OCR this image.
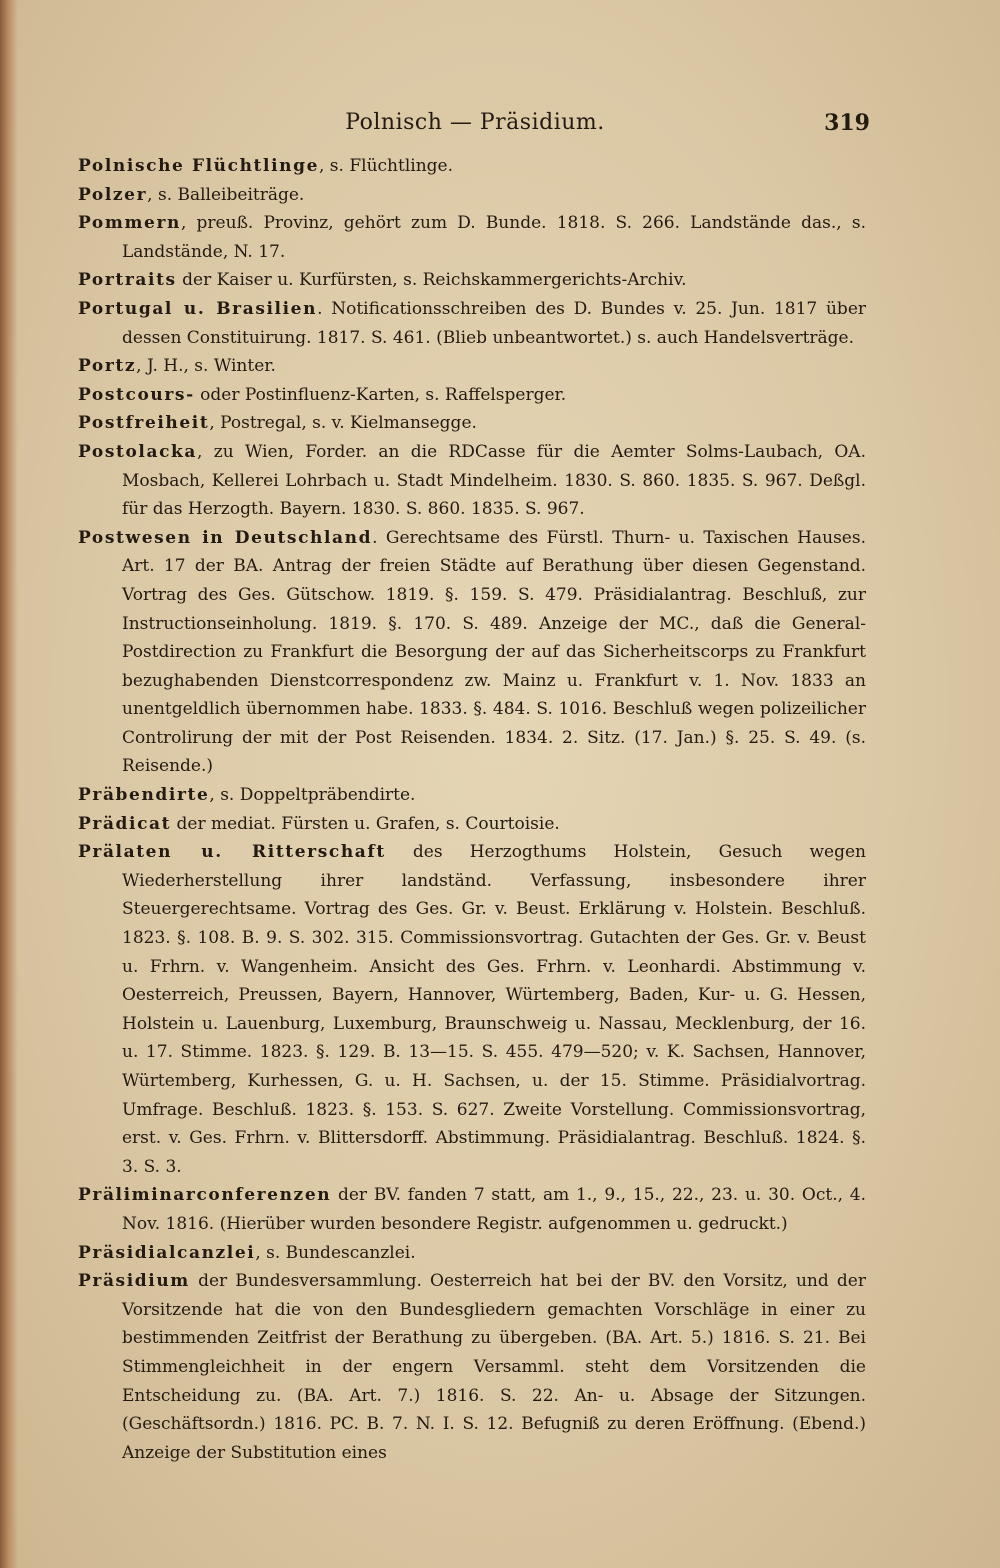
Polnisch — Präsidium.	319

Polnische Flüchtlinge, s. Flüchtlinge.

Polzer, s. Balleibeiträge.

Pommern, preuß. Provinz, gehört zum D. Bunde. 1818. S. 266. Landstände das., s. Landstände, N. 17.

Portraits der Kaiser u. Kurfürsten, s. Reichskammergerichts-Archiv.

Portugal u. Brasilien. Notificationsschreiben des D. Bundes v. 25. Jun. 1817 über dessen Constituirung. 1817. S. 461. (Blieb unbeantwortet.) s. auch Handelsverträge.

Portz, J. H., s. Winter.

Postcours- oder Postinfluenz-Karten, s. Raffelsperger.

Postfreiheit, Postregal, s. v. Kielmansegge.

Postolacka, zu Wien, Forder. an die RDCasse für die Aemter Solms-Laubach, OA. Mosbach, Kellerei Lohrbach u. Stadt Mindelheim. 1830. S. 860. 1835. S. 967. Deßgl. für das Herzogth. Bayern. 1830. S. 860. 1835. S. 967.

Postwesen in Deutschland. Gerechtsame des Fürstl. Thurn- u. Taxischen Hauses. Art. 17 der BA. Antrag der freien Städte auf Berathung über diesen Gegenstand. Vortrag des Ges. Gütschow. 1819. §. 159. S. 479. Präsidialantrag. Beschluß, zur Instructionseinholung. 1819. §. 170. S. 489. Anzeige der MC., daß die General-Postdirection zu Frankfurt die Besorgung der auf das Sicherheitscorps zu Frankfurt bezughabenden Dienstcorrespondenz zw. Mainz u. Frankfurt v. 1. Nov. 1833 an unentgeldlich übernommen habe. 1833. §. 484. S. 1016. Beschluß wegen polizeilicher Controlirung der mit der Post Reisenden. 1834. 2. Sitz. (17. Jan.) §. 25. S. 49. (s. Reisende.)

Präbendirte, s. Doppeltpräbendirte.

Prädicat der mediat. Fürsten u. Grafen, s. Courtoisie.

Prälaten u. Ritterschaft des Herzogthums Holstein, Gesuch wegen Wiederherstellung ihrer landständ. Verfassung, insbesondere ihrer Steuergerechtsame. Vortrag des Ges. Gr. v. Beust. Erklärung v. Holstein. Beschluß. 1823. §. 108. B. 9. S. 302. 315. Commissionsvortrag. Gutachten der Ges. Gr. v. Beust u. Frhrn. v. Wangenheim. Ansicht des Ges. Frhrn. v. Leonhardi. Abstimmung v. Oesterreich, Preussen, Bayern, Hannover, Würtemberg, Baden, Kur- u. G. Hessen, Holstein u. Lauenburg, Luxemburg, Braunschweig u. Nassau, Mecklenburg, der 16. u. 17. Stimme. 1823. §. 129. B. 13—15. S. 455. 479—520; v. K. Sachsen, Hannover, Würtemberg, Kurhessen, G. u. H. Sachsen, u. der 15. Stimme. Präsidialvortrag. Umfrage. Beschluß. 1823. §. 153. S. 627. Zweite Vorstellung. Commissionsvortrag, erst. v. Ges. Frhrn. v. Blittersdorff. Abstimmung. Präsidialantrag. Beschluß. 1824. §. 3. S. 3.

Präliminarconferenzen der BV. fanden 7 statt, am 1., 9., 15., 22., 23. u. 30. Oct., 4. Nov. 1816. (Hierüber wurden besondere Registr. aufgenommen u. gedruckt.)

Präsidialcanzlei, s. Bundescanzlei.

Präsidium der Bundesversammlung. Oesterreich hat bei der BV. den Vorsitz, und der Vorsitzende hat die von den Bundesgliedern gemachten Vorschläge in einer zu bestimmenden Zeitfrist der Berathung zu übergeben. (BA. Art. 5.) 1816. S. 21. Bei Stimmengleichheit in der engern Versamml. steht dem Vorsitzenden die Entscheidung zu. (BA. Art. 7.) 1816. S. 22. An- u. Absage der Sitzungen. (Geschäftsordn.) 1816. PC. B. 7. N. I. S. 12. Befugniß zu deren Eröffnung. (Ebend.) Anzeige der Substitution eines
